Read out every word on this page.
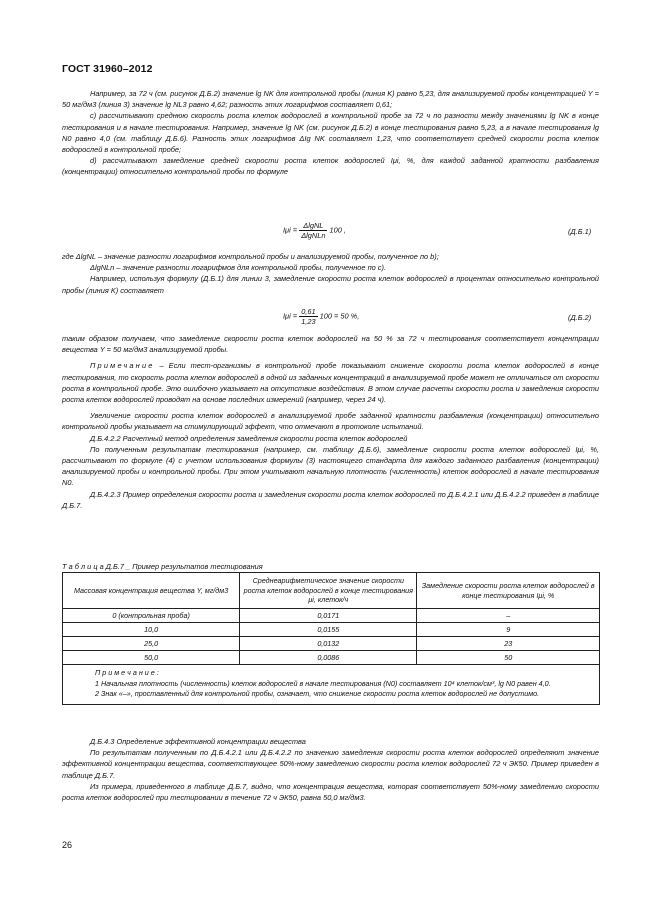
ГОСТ 31960–2012

Например, за 72 ч (см. рисунок Д.Б.2) значение lg NK для контрольной пробы (линия K) равно 5,23, для анализируемой пробы концентрацией Y = 50 мг/дм3 (линия 3) значение lg NL3 равно 4,62; разность этих логарифмов составляет 0,61;

с) рассчитывают среднюю скорость роста клеток водорослей в контрольной пробе за 72 ч по разности между значениями lg NK в конце тестирования и в начале тестирования. Например, значение lg NK (см. рисунок Д.Б.2) в конце тестирования равно 5,23, а в начале тестирования lg N0 равно 4,0 (см. таблицу Д.Б.6). Разность этих логарифмов ΔIg NK составляет 1,23, что соответствует средней скорости роста клеток водорослей в контрольной пробе;

d) рассчитывают замедление средней скорости роста клеток водорослей Iμi, %, для каждой заданной кратности разбавления (концентрации) относительно контрольной пробы по формуле

$I\mu i = \frac{\text{ΔlgNL}}{\text{ΔlgNLn}} 100$ ,	(Д.Б.1)

где ΔlgNL – значение разности логарифмов контрольной пробы и анализируемой пробы, полученное по b);

ΔlgNLn – значение разности логарифмов для контрольной пробы, полученное по c).

Например, используя формулу (Д.Б.1) для линии 3, замедление скорости роста клеток водорослей в процентах относительно контрольной пробы (линия K) составляет

$I\mu i = \frac{0,61}{1,23} 100 = 50$ %,	(Д.Б.2)

таким образом получаем, что замедление скорости роста клеток водорослей на 50 % за 72 ч тестирования соответствует концентрации вещества Y = 50 мг/дм3 анализируемой пробы.

Примечание – Если тест-организмы в контрольной пробе показывают снижение скорости роста клеток водорослей в конце тестирования, то скорость роста клеток водорослей в одной из заданных концентраций в анализируемой пробе может не отличаться от скорости роста в контрольной пробе. Это ошибочно указывает на отсутствие воздействия. В этом случае расчеты скорости роста и замедления скорости роста клеток водорослей проводят на основе последних измерений (например, через 24 ч).

Увеличение скорости роста клеток водорослей в анализируемой пробе заданной кратности разбавления (концентрации) относительно контрольной пробы указывает на стимулирующий эффект, что отмечают в протоколе испытаний.

Д.Б.4.2.2 Расчетный метод определения замедления скорости роста клеток водорослей

По полученным результатам тестирования (например, см. таблицу Д.Б.6), замедление скорости роста клеток водорослей Iμi, %, рассчитывают по формуле (4) с учетом использования формулы (3) настоящего стандарта для каждого заданного разбавления (концентрации) анализируемой пробы и контрольной пробы. При этом учитывают начальную плотность (численность) клеток водорослей в начале тестирования N0.

Д.Б.4.2.3 Пример определения скорости роста и замедления скорости роста клеток водорослей по Д.Б.4.2.1 или Д.Б.4.2.2 приведен в таблице Д.Б.7.

Т а б л и ц а Д.Б.7 _ Пример результатов тестирования
Массовая концентрация вещества Y, мг/дм3	Среднеарифметическое значение скорости роста клеток водорослей в конце тестирования μi, клеток/ч	Замедление скорости роста клеток водорослей в конце тестирования Iμi, %
0 (контрольная проба)	0,0171	–
10,0	0,0155	9
25,0	0,0132	23
50,0	0,0086	50

П р и м е ч а н и е :
1 Начальная плотность (численность) клеток водорослей в начале тестирования (N0) составляет 10⁴ клеток/см³, lg N0 равен 4,0.
2 Знак «–», проставленный для контрольной пробы, означает, что снижение скорости роста клеток водорослей не допустимо.		

Д.Б.4.3 Определение эффективной концентрации вещества

По результатам полученным по Д.Б.4.2.1 или Д.Б.4.2.2 по значению замедления скорости роста клеток водорослей определяют значение эффективной концентрации вещества, соответствующее 50%-ному замедлению скорости роста клеток водорослей 72 ч ЭК50. Пример приведен в таблице Д.Б.7.

Из примера, приведенного в таблице Д.Б.7, видно, что концентрация вещества, которая соответствует 50%-ному замедлению скорости роста клеток водорослей при тестировании в течение 72 ч ЭК50, равна 50,0 мг/дм3.

26
